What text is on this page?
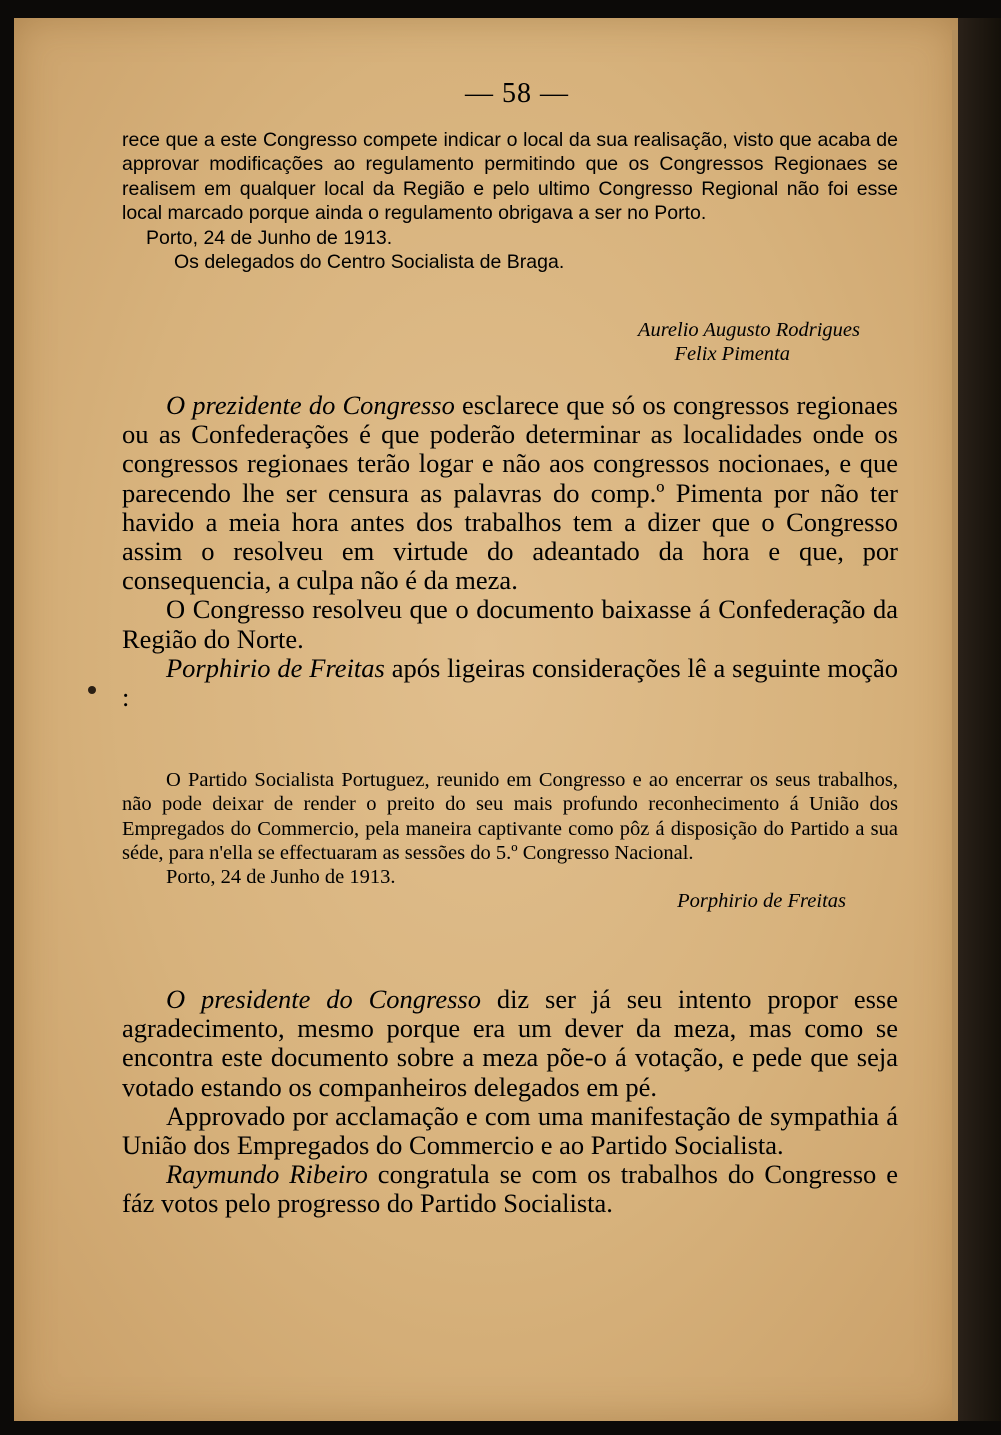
— 58 —

rece que a este Congresso compete indicar o local da sua realisação, visto que acaba de approvar modificações ao regulamento permitindo que os Congressos Regionaes se realisem em qualquer local da Região e pelo ultimo Congresso Regional não foi esse local marcado porque ainda o regulamento obrigava a ser no Porto.

Porto, 24 de Junho de 1913.

Os delegados do Centro Socialista de Braga.

Aurelio Augusto Rodrigues

Felix Pimenta

O prezidente do Congresso esclarece que só os congressos regionaes ou as Confederações é que poderão determinar as localidades onde os congressos regionaes terão logar e não aos congressos nocionaes, e que parecendo lhe ser censura as palavras do comp.º Pimenta por não ter havido a meia hora antes dos trabalhos tem a dizer que o Congresso assim o resolveu em virtude do adeantado da hora e que, por consequencia, a culpa não é da meza.

O Congresso resolveu que o documento baixasse á Confederação da Região do Norte.

Porphirio de Freitas após ligeiras considerações lê a seguinte moção :

O Partido Socialista Portuguez, reunido em Congresso e ao encerrar os seus trabalhos, não pode deixar de render o preito do seu mais profundo reconhecimento á União dos Empregados do Commercio, pela maneira captivante como pôz á disposição do Partido a sua séde, para n'ella se effectuaram as sessões do 5.º Congresso Nacional.

Porto, 24 de Junho de 1913.

Porphirio de Freitas

O presidente do Congresso diz ser já seu intento propor esse agradecimento, mesmo porque era um dever da meza, mas como se encontra este documento sobre a meza põe-o á votação, e pede que seja votado estando os companheiros delegados em pé.

Approvado por acclamação e com uma manifestação de sympathia á União dos Empregados do Commercio e ao Partido Socialista.

Raymundo Ribeiro congratula se com os trabalhos do Congresso e fáz votos pelo progresso do Partido Socialista.
